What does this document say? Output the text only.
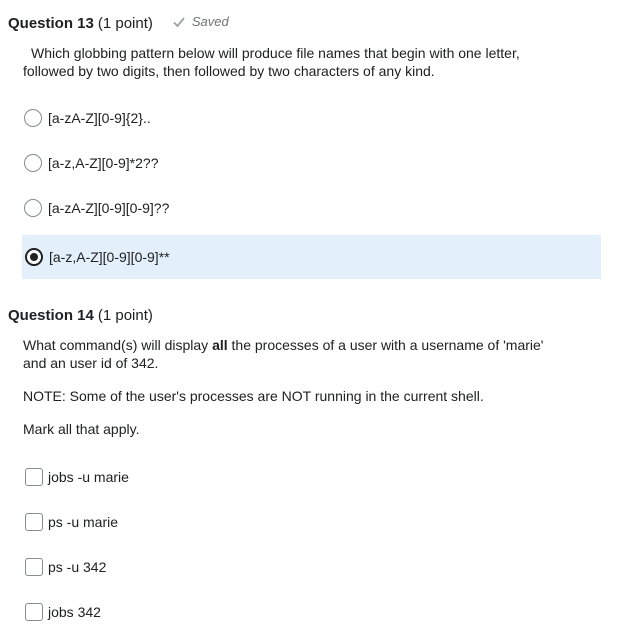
Question 13 (1 point)	Saved
Which globbing pattern below will produce file names that begin with one letter,
followed by two digits, then followed by two characters of any kind.
[a-zA-Z][0-9]{2}..
[a-z,A-Z][0-9]*2??
[a-zA-Z][0-9][0-9]??
[a-z,A-Z][0-9][0-9]**
Question 14 (1 point)
What command(s) will display all the processes of a user with a username of 'marie'
and an user id of 342.
NOTE: Some of the user's processes are NOT running in the current shell.
Mark all that apply.
jobs -u marie
ps -u marie
ps -u 342
jobs 342
